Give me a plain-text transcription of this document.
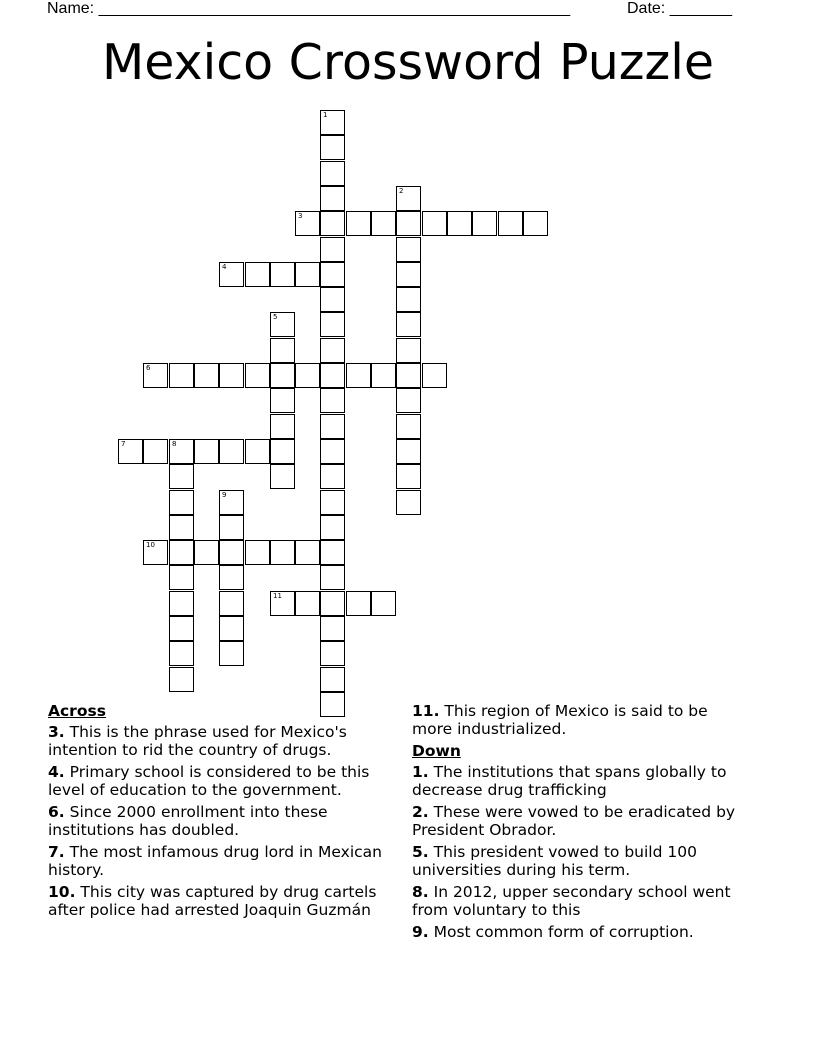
Name: _____________________________________________________	Date: _______
Mexico Crossword Puzzle
1
2
3
4
5
6
7	8
9
10
11
Across
3. This is the phrase used for Mexico's intention to rid the country of drugs.
4. Primary school is considered to be this level of education to the government.
6. Since 2000 enrollment into these institutions has doubled.
7. The most infamous drug lord in Mexican history.
10. This city was captured by drug cartels after police had arrested Joaquin Guzmán
11. This region of Mexico is said to be more industrialized.
Down
1. The institutions that spans globally to decrease drug trafficking
2. These were vowed to be eradicated by President Obrador.
5. This president vowed to build 100 universities during his term.
8. In 2012, upper secondary school went from voluntary to this
9. Most common form of corruption.
